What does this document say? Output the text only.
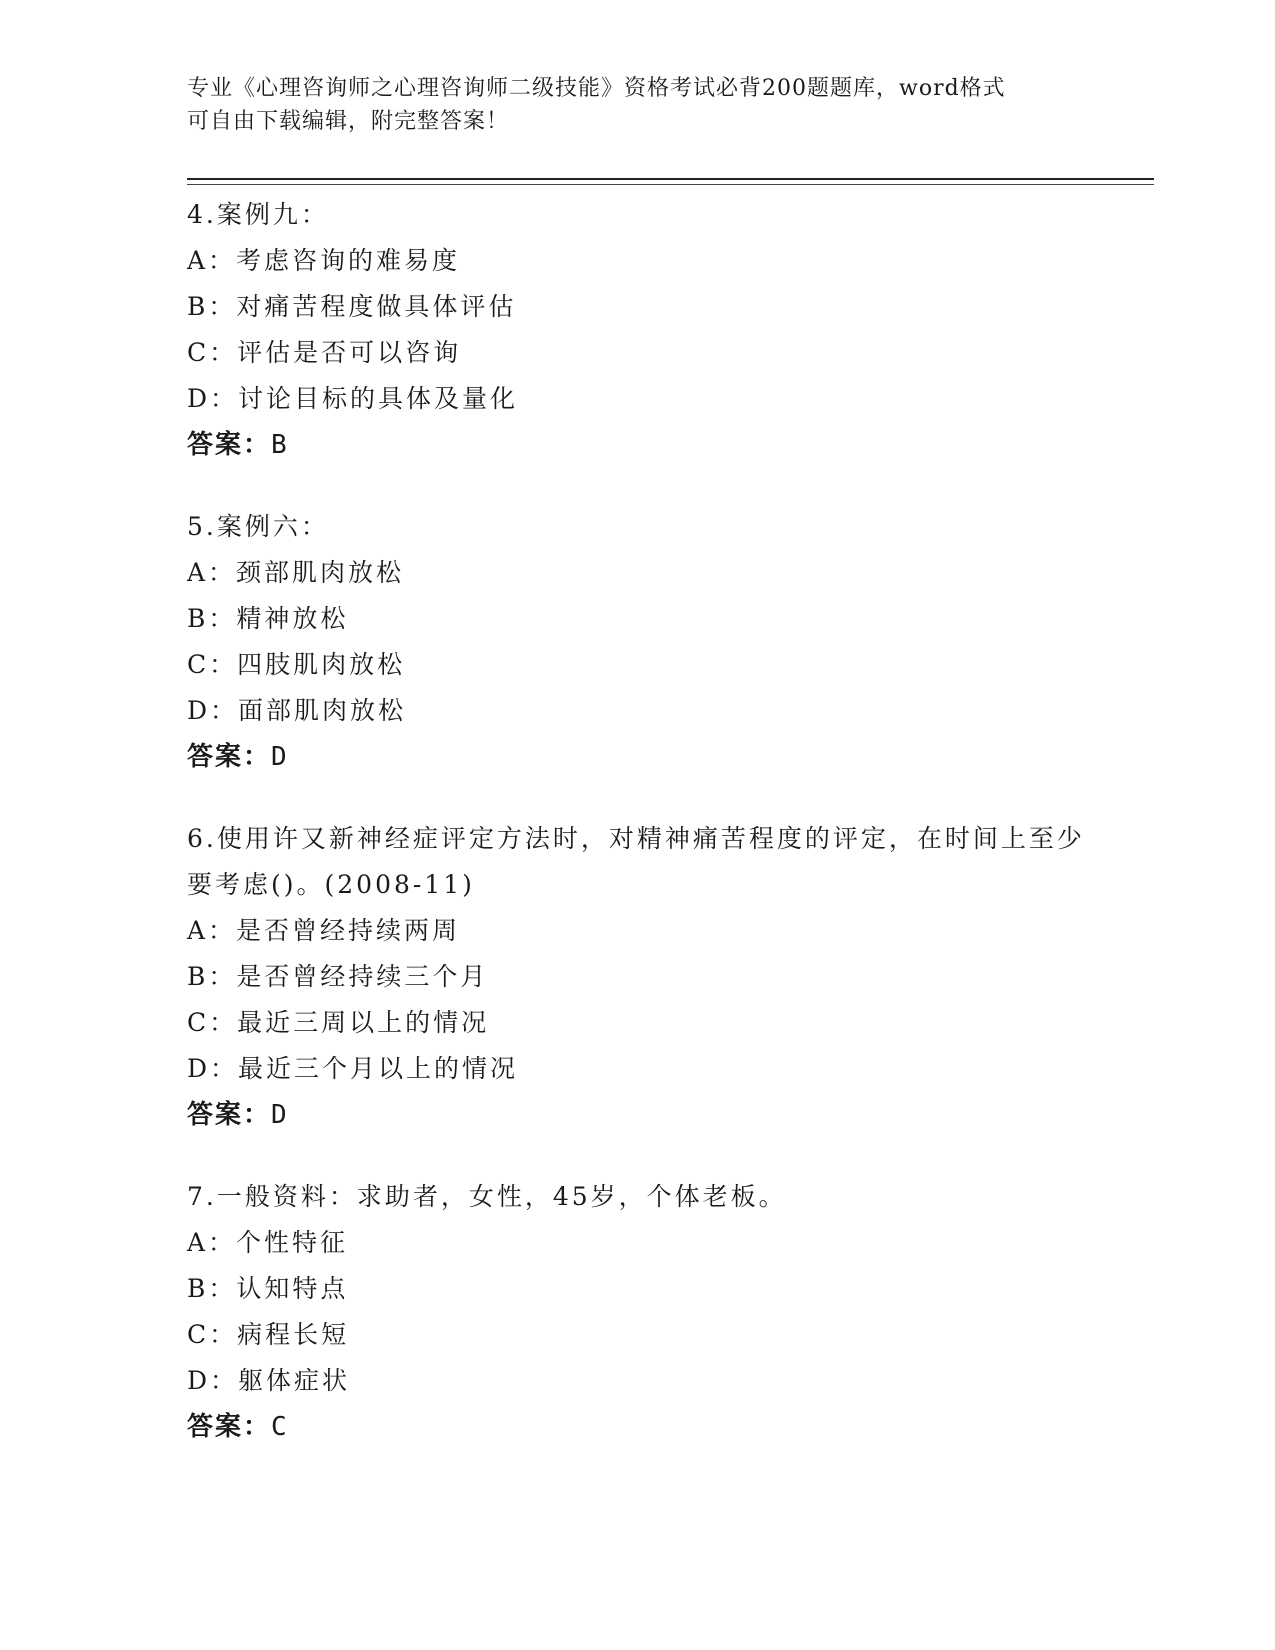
专业《心理咨询师之心理咨询师二级技能》资格考试必背200题题库，word格式
可自由下载编辑，附完整答案！
4.案例九：
A：考虑咨询的难易度
B：对痛苦程度做具体评估
C：评估是否可以咨询
D：讨论目标的具体及量化
答案：B
5.案例六：
A：颈部肌肉放松
B：精神放松
C：四肢肌肉放松
D：面部肌肉放松
答案：D
6.使用许又新神经症评定方法时，对精神痛苦程度的评定，在时间上至少要考虑()。(2008-11)
A：是否曾经持续两周
B：是否曾经持续三个月
C：最近三周以上的情况
D：最近三个月以上的情况
答案：D
7.一般资料：求助者，女性，45岁，个体老板。
A：个性特征
B：认知特点
C：病程长短
D：躯体症状
答案：C
